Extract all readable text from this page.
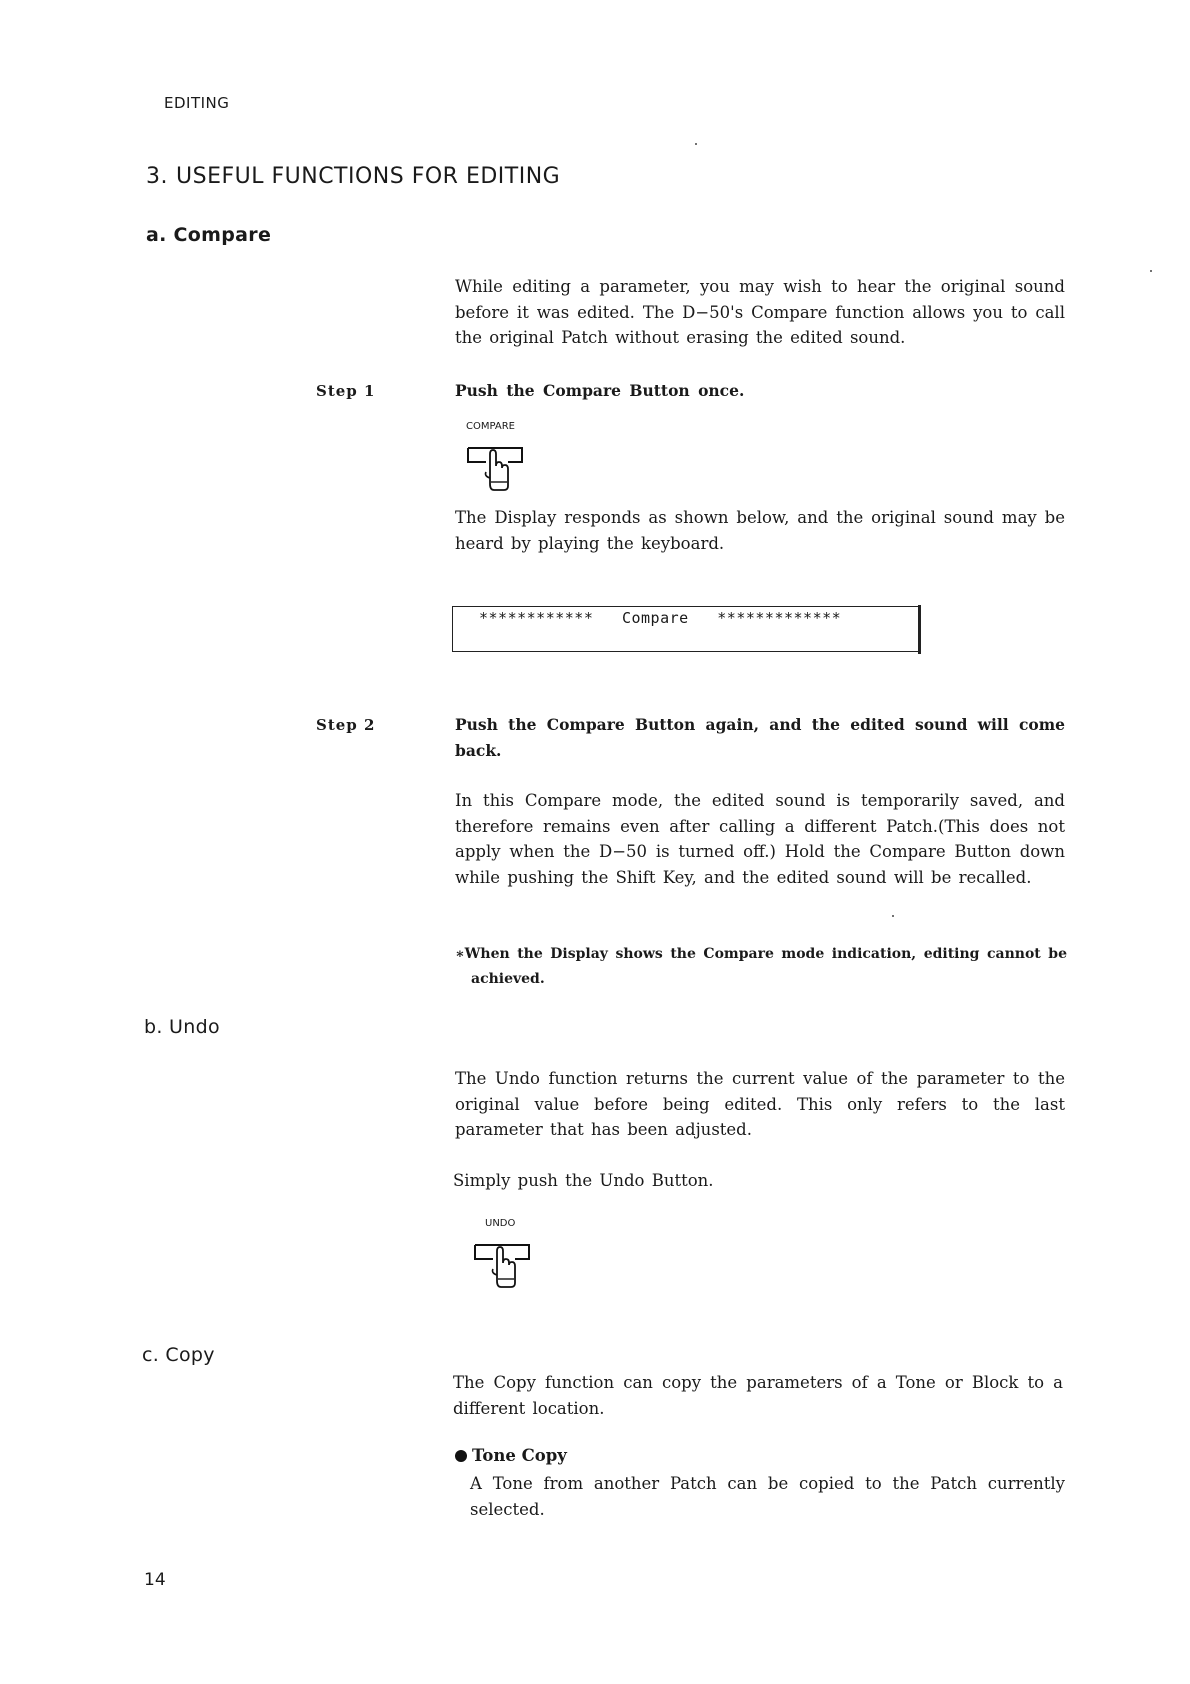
EDITING
3. USEFUL FUNCTIONS FOR EDITING
a. Compare
While editing a parameter, you may wish to hear the original sound before it was edited. The D−50's Compare function allows you to call the original Patch without erasing the edited sound.
Step 1	Push the Compare Button once.
COMPARE
The Display responds as shown below, and the original sound may be heard by playing the keyboard.
************   Compare   *************
Step 2	Push the Compare Button again, and the edited sound will come back.
In this Compare mode, the edited sound is temporarily saved, and therefore remains even after calling a different Patch.(This does not apply when the D−50 is turned off.) Hold the Compare Button down while pushing the Shift Key, and the edited sound will be recalled.
∗When the Display shows the Compare mode indication, editing cannot be achieved.
b. Undo
The Undo function returns the current value of the parameter to the original value before being edited. This only refers to the last parameter that has been adjusted.
Simply push the Undo Button.
UNDO
c. Copy
The Copy function can copy the parameters of a Tone or Block to a different location.
Tone Copy
A Tone from another Patch can be copied to the Patch currently selected.
14
